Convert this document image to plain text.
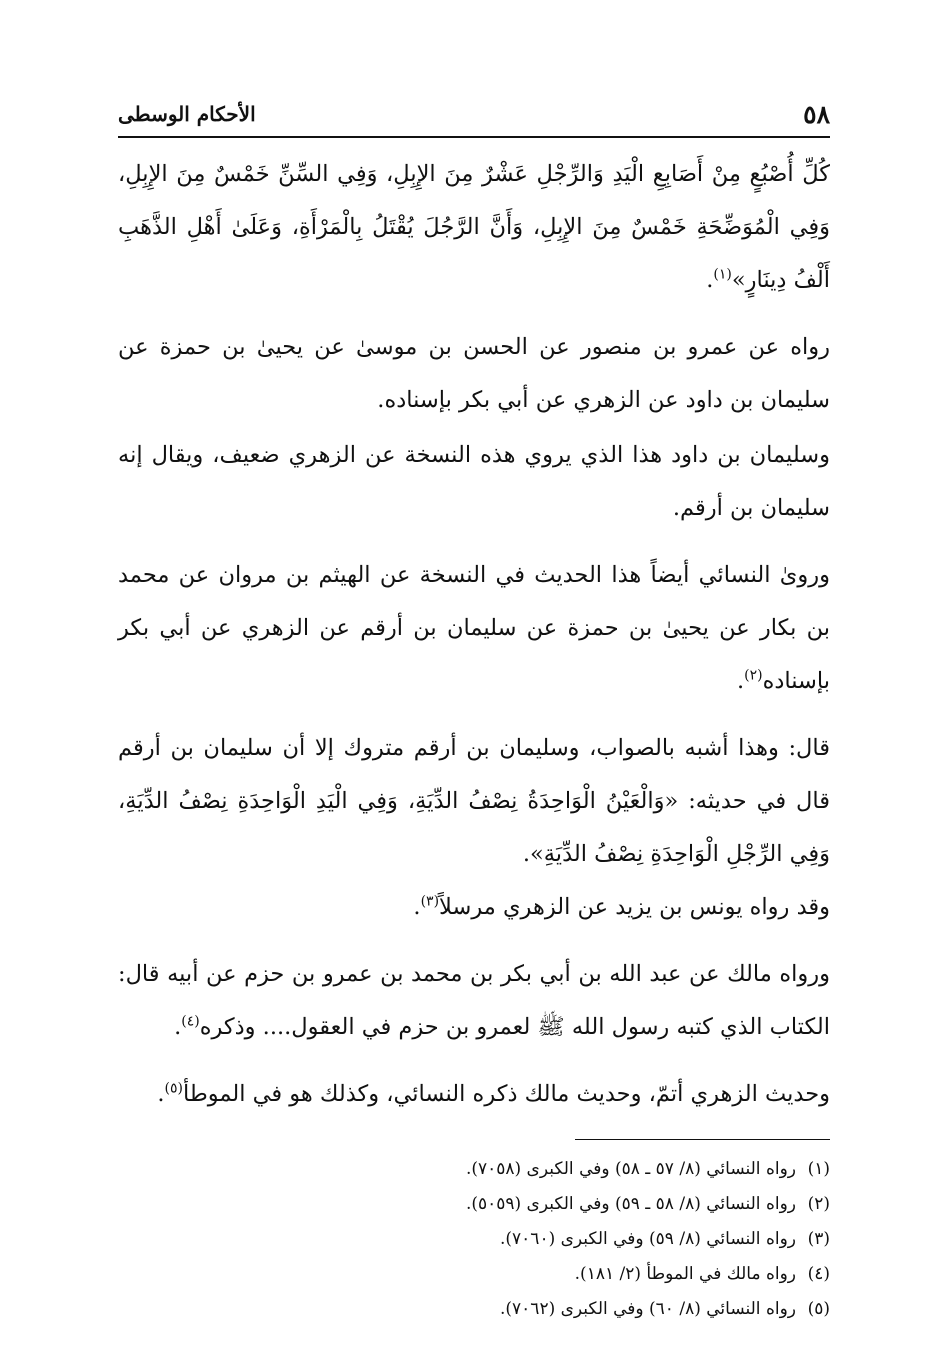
٥٨
الأحكام الوسطى

كُلِّ أُصْبُعٍ مِنْ أَصَابِعِ الْيَدِ وَالرِّجْلِ عَشْرٌ مِنَ الإِبِلِ، وَفِي السِّنِّ خَمْسٌ مِنَ الإِبِلِ، وَفِي الْمُوَضِّحَةِ خَمْسٌ مِنَ الإِبِلِ، وَأَنَّ الرَّجُلَ يُقْتَلُ بِالْمَرْأَةِ، وَعَلَىٰ أَهْلِ الذَّهَبِ أَلْفُ دِينَارٍ»$^{(١)}$.

رواه عن عمرو بن منصور عن الحسن بن موسىٰ عن يحيىٰ بن حمزة عن سليمان بن داود عن الزهري عن أبي بكر بإسناده.

وسليمان بن داود هذا الذي يروي هذه النسخة عن الزهري ضعيف، ويقال إنه سليمان بن أرقم.

ورویٰ النسائي أيضاً هذا الحديث في النسخة عن الهيثم بن مروان عن محمد بن بكار عن يحيىٰ بن حمزة عن سليمان بن أرقم عن الزهري عن أبي بكر بإسناده$^{(٢)}$.

قال: وهذا أشبه بالصواب، وسليمان بن أرقم متروك إلا أن سليمان بن أرقم قال في حديثه: «وَالْعَيْنُ الْوَاحِدَةُ نِصْفُ الدِّيَةِ، وَفِي الْيَدِ الْوَاحِدَةِ نِصْفُ الدِّيَةِ، وَفِي الرِّجْلِ الْوَاحِدَةِ نِصْفُ الدِّيَةِ».

وقد رواه يونس بن يزيد عن الزهري مرسلاً$^{(٣)}$.

ورواه مالك عن عبد الله بن أبي بكر بن محمد بن عمرو بن حزم عن أبيه قال: الكتاب الذي كتبه رسول الله ﷺ لعمرو بن حزم في العقول.... وذكره$^{(٤)}$.

وحديث الزهري أتمّ، وحديث مالك ذكره النسائي، وكذلك هو في الموطأ$^{(٥)}$.

(١)رواه النسائي (٨/ ٥٧ ـ ٥٨) وفي الكبرى (٧٠٥٨).
(٢)رواه النسائي (٨/ ٥٨ ـ ٥٩) وفي الكبرى (٥٠٥٩).
(٣)رواه النسائي (٨/ ٥٩) وفي الكبرى (٧٠٦٠).
(٤)رواه مالك في الموطأ (٢/ ١٨١).
(٥)رواه النسائي (٨/ ٦٠) وفي الكبرى (٧٠٦٢).
